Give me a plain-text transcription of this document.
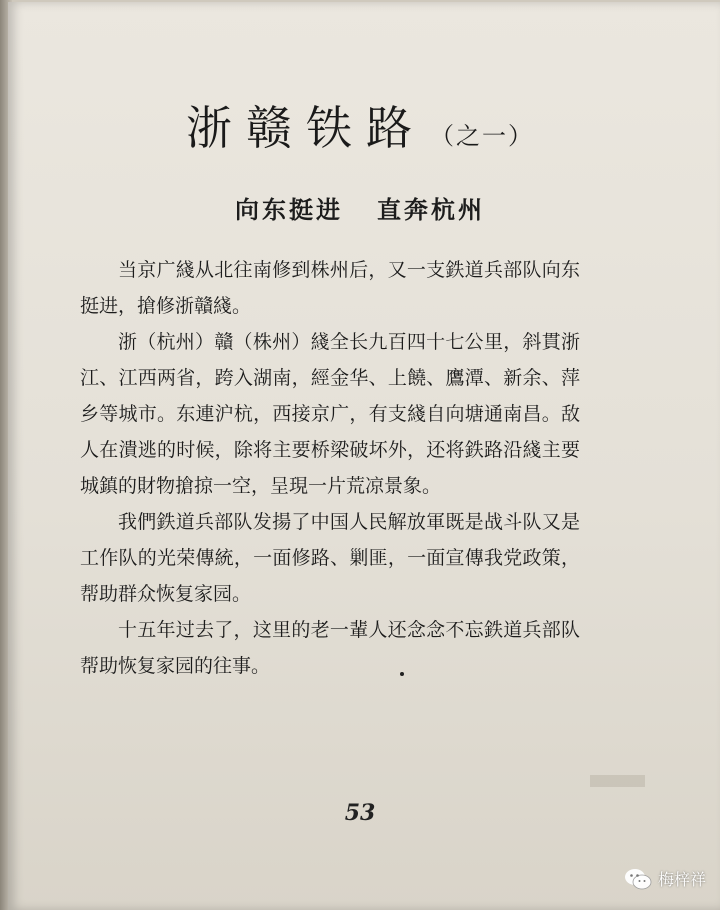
浙赣铁路 （之一）
向东挺进 直奔杭州

当京广綫从北往南修到株州后，又一支鉄道兵部队向东挺进，搶修浙贛綫。

浙（杭州）贛（株州）綫全长九百四十七公里，斜貫浙江、江西两省，跨入湖南，經金华、上饒、鷹潭、新余、萍乡等城市。东連沪杭，西接京广，有支綫自向塘通南昌。敌人在潰逃的时候，除将主要桥梁破坏外，还将鉄路沿綫主要城鎮的財物搶掠一空，呈現一片荒凉景象。

我們鉄道兵部队发揚了中国人民解放軍既是战斗队又是工作队的光荣傳統，一面修路、剿匪，一面宣傳我党政策，帮助群众恢复家园。

十五年过去了，这里的老一輩人还念念不忘鉄道兵部队帮助恢复家园的往事。

53
梅梓祥
